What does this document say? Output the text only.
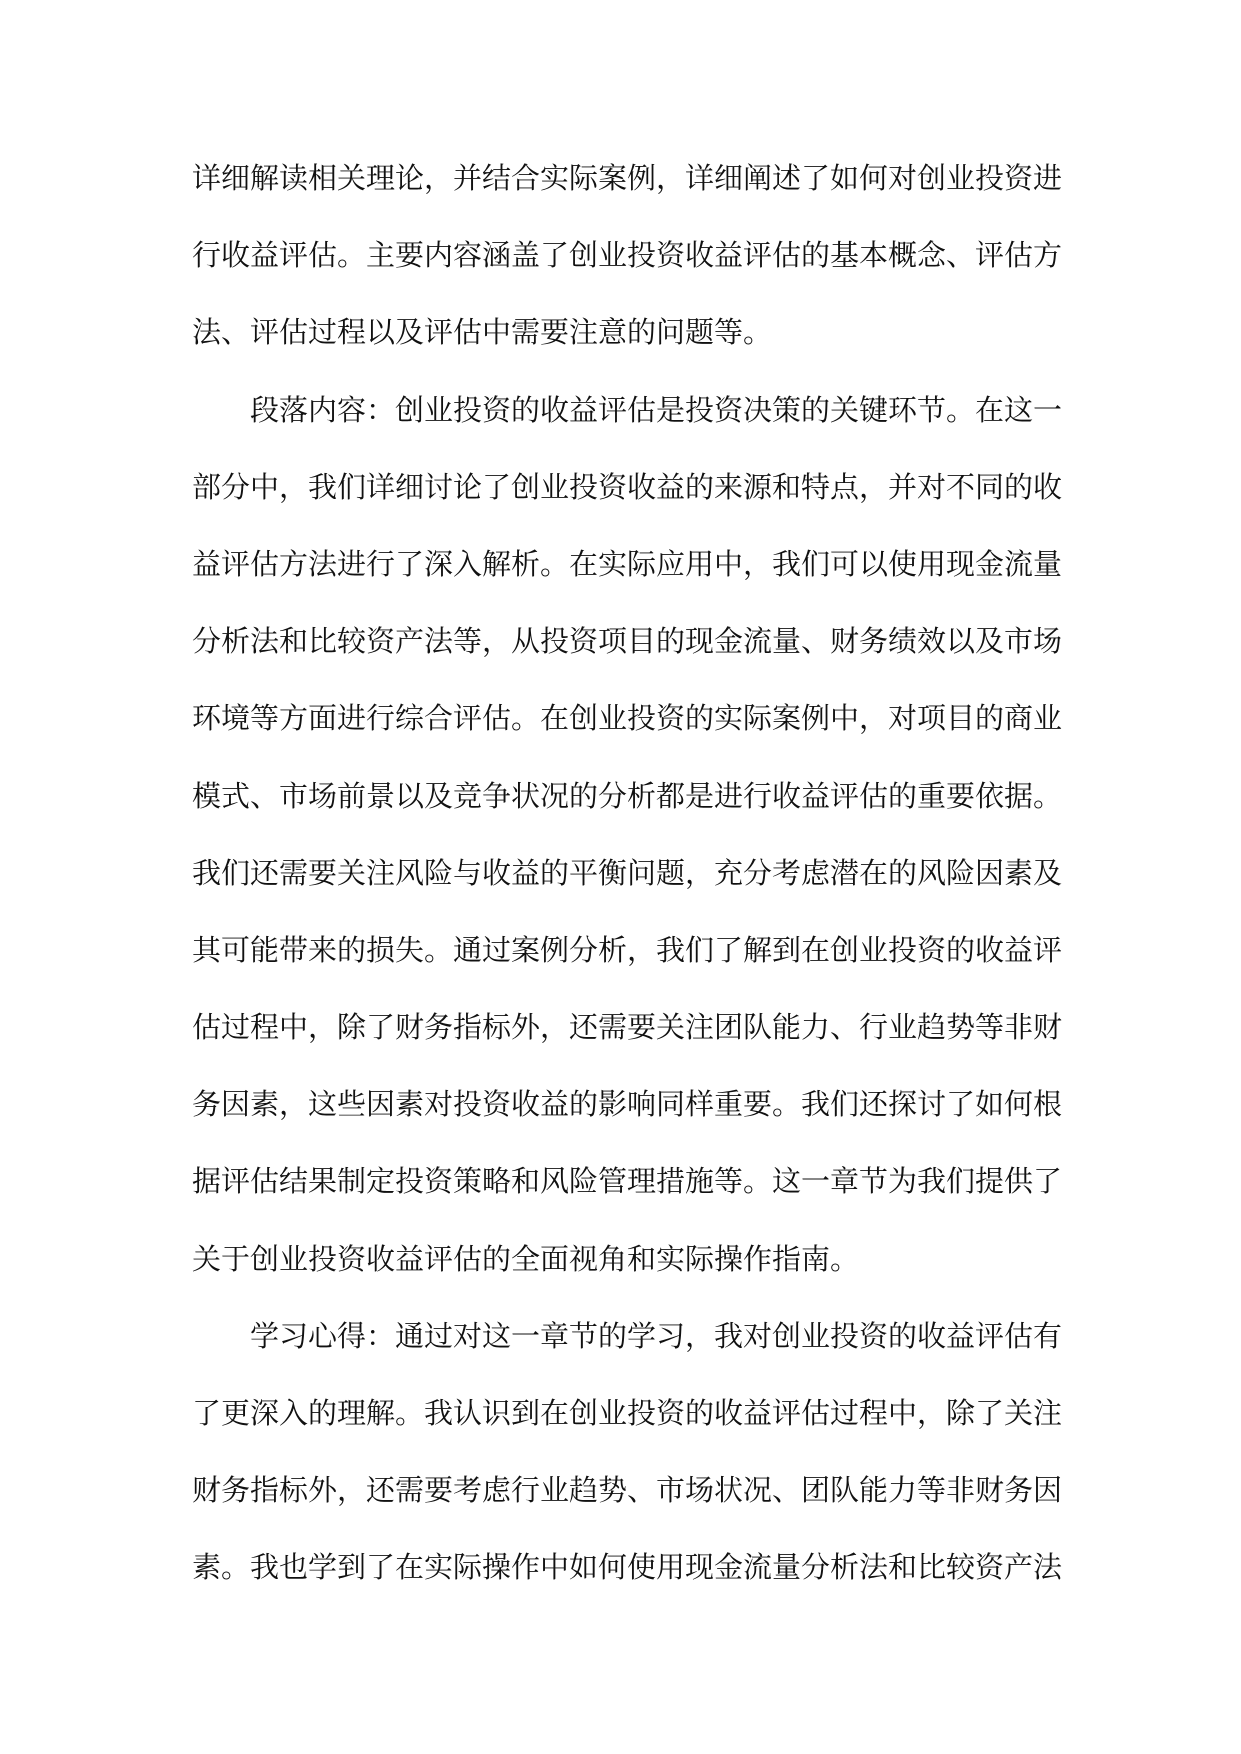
详细解读相关理论，并结合实际案例，详细阐述了如何对创业投资进
行收益评估。主要内容涵盖了创业投资收益评估的基本概念、评估方
法、评估过程以及评估中需要注意的问题等。
段落内容：创业投资的收益评估是投资决策的关键环节。在这一
部分中，我们详细讨论了创业投资收益的来源和特点，并对不同的收
益评估方法进行了深入解析。在实际应用中，我们可以使用现金流量
分析法和比较资产法等，从投资项目的现金流量、财务绩效以及市场
环境等方面进行综合评估。在创业投资的实际案例中，对项目的商业
模式、市场前景以及竞争状况的分析都是进行收益评估的重要依据。
我们还需要关注风险与收益的平衡问题，充分考虑潜在的风险因素及
其可能带来的损失。通过案例分析，我们了解到在创业投资的收益评
估过程中，除了财务指标外，还需要关注团队能力、行业趋势等非财
务因素，这些因素对投资收益的影响同样重要。我们还探讨了如何根
据评估结果制定投资策略和风险管理措施等。这一章节为我们提供了
关于创业投资收益评估的全面视角和实际操作指南。
学习心得：通过对这一章节的学习，我对创业投资的收益评估有
了更深入的理解。我认识到在创业投资的收益评估过程中，除了关注
财务指标外，还需要考虑行业趋势、市场状况、团队能力等非财务因
素。我也学到了在实际操作中如何使用现金流量分析法和比较资产法
